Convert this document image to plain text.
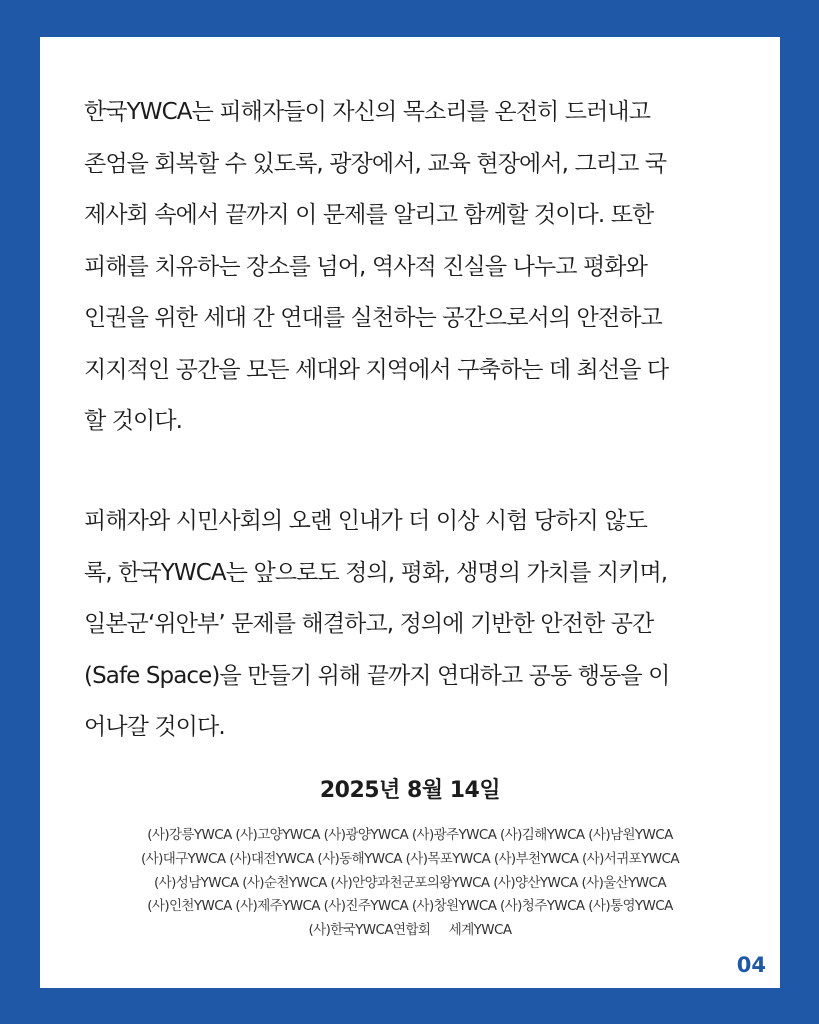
한국YWCA는 피해자들이 자신의 목소리를 온전히 드러내고
존엄을 회복할 수 있도록, 광장에서, 교육 현장에서, 그리고 국
제사회 속에서 끝까지 이 문제를 알리고 함께할 것이다. 또한
피해를 치유하는 장소를 넘어, 역사적 진실을 나누고 평화와
인권을 위한 세대 간 연대를 실천하는 공간으로서의 안전하고
지지적인 공간을 모든 세대와 지역에서 구축하는 데 최선을 다
할 것이다.

피해자와 시민사회의 오랜 인내가 더 이상 시험 당하지 않도
록, 한국YWCA는 앞으로도 정의, 평화, 생명의 가치를 지키며,
일본군‘위안부’ 문제를 해결하고, 정의에 기반한 안전한 공간
(Safe Space)을 만들기 위해 끝까지 연대하고 공동 행동을 이
어나갈 것이다.

2025년 8월 14일
(사)강릉YWCA (사)고양YWCA (사)광양YWCA (사)광주YWCA (사)김해YWCA (사)남원YWCA
(사)대구YWCA (사)대전YWCA (사)동해YWCA (사)목포YWCA (사)부천YWCA (사)서귀포YWCA
(사)성남YWCA (사)순천YWCA (사)안양과천군포의왕YWCA (사)양산YWCA (사)울산YWCA
(사)인천YWCA (사)제주YWCA (사)진주YWCA (사)창원YWCA (사)청주YWCA (사)통영YWCA
(사)한국YWCA연합회     세계YWCA
04
